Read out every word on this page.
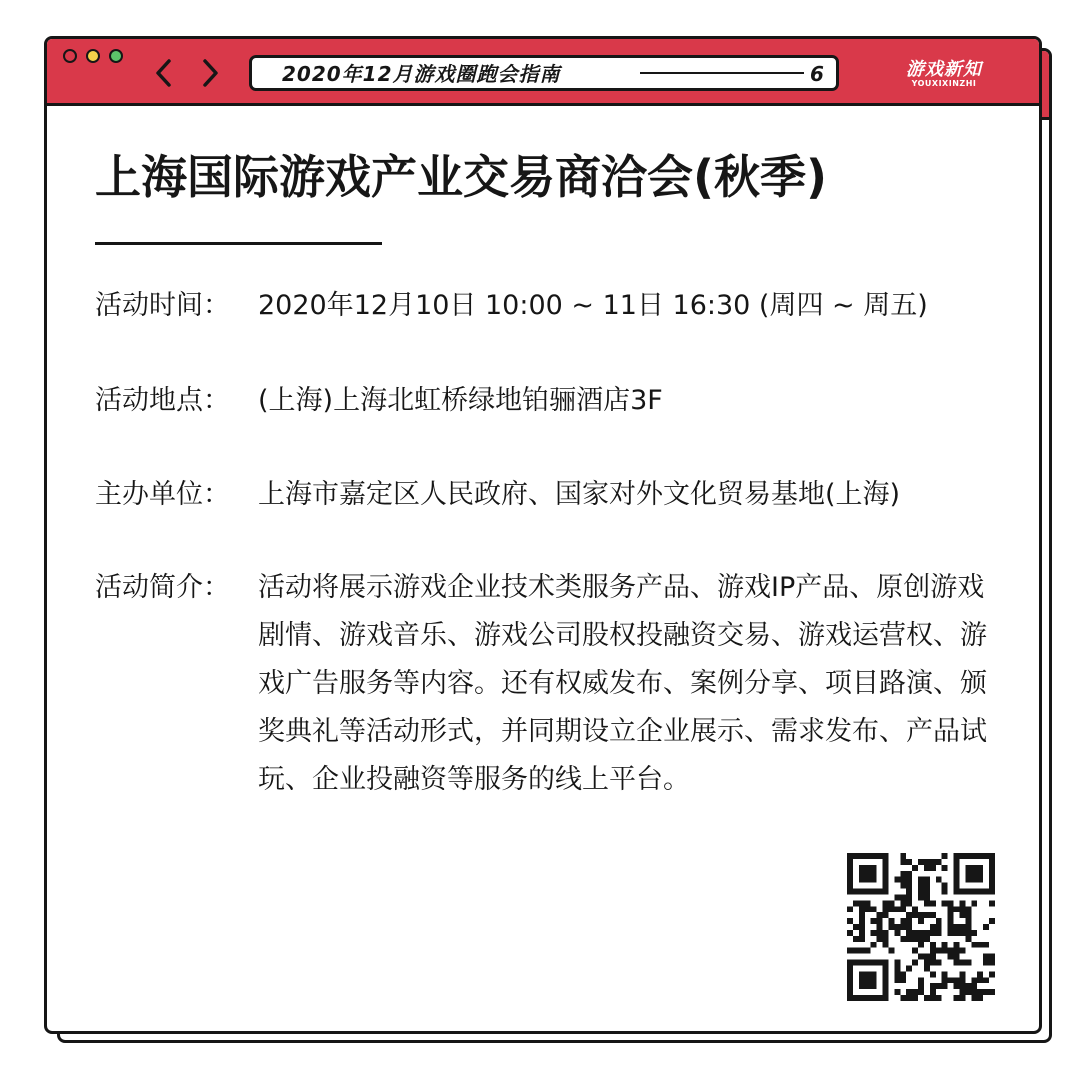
2020年12月游戏圈跑会指南	6	游戏新知
YOUXIXINZHI
上海国际游戏产业交易商洽会(秋季)
活动时间： 2020年12月10日 10:00 ~ 11日 16:30 (周四 ~ 周五)
活动地点： (上海)上海北虹桥绿地铂骊酒店3F
主办单位： 上海市嘉定区人民政府、国家对外文化贸易基地(上海)
活动简介： 活动将展示游戏企业技术类服务产品、游戏IP产品、原创游戏剧情、游戏音乐、游戏公司股权投融资交易、游戏运营权、游戏广告服务等内容。还有权威发布、案例分享、项目路演、颁奖典礼等活动形式，并同期设立企业展示、需求发布、产品试玩、企业投融资等服务的线上平台。
